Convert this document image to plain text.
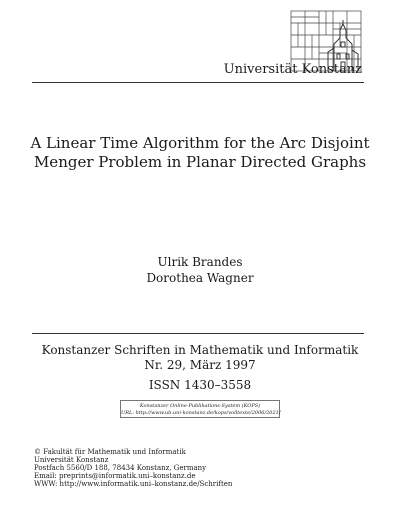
Universität Konstanz
A Linear Time Algorithm for the Arc Disjoint
Menger Problem in Planar Directed Graphs
Ulrik Brandes
Dorothea Wagner
Konstanzer Schriften in Mathematik und Informatik
Nr. 29, März 1997
ISSN 1430–3558
Konstanzer Online-Publikations-System (KOPS)
URL: http://www.ub.uni-konstanz.de/kops/volltexte/2006/2021/
© Fakultät für Mathematik und Informatik
Universität Konstanz
Postfach 5560/D 188, 78434 Konstanz, Germany
Email: preprints@informatik.uni–konstanz.de
WWW: http://www.informatik.uni–konstanz.de/Schriften
